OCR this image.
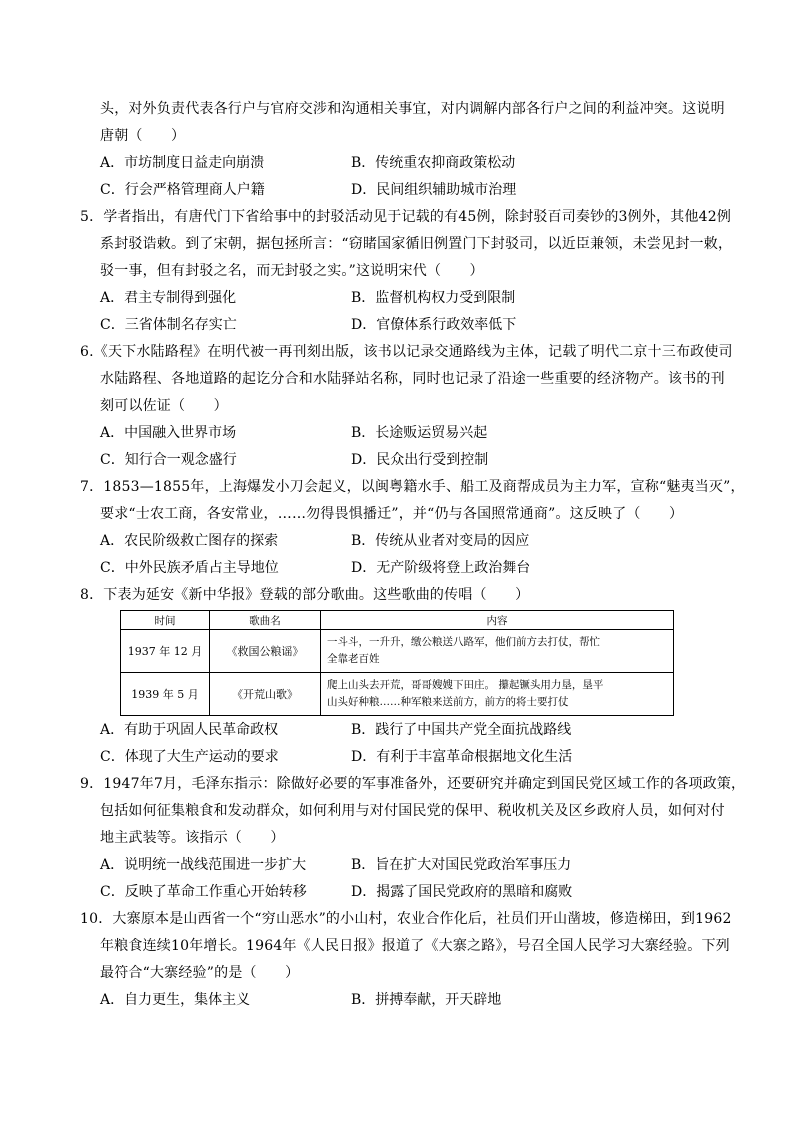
头，对外负责代表各行户与官府交涉和沟通相关事宜，对内调解内部各行户之间的利益冲突。这说明
唐朝（　　）
A．市坊制度日益走向崩溃	B．传统重农抑商政策松动
C．行会严格管理商人户籍	D．民间组织辅助城市治理
5．学者指出，有唐代门下省给事中的封驳活动见于记载的有45例，除封驳百司奏钞的3例外，其他42例
系封驳诰敕。到了宋朝，据包拯所言：“窃睹国家循旧例置门下封驳司，以近臣兼领，未尝见封一敕，
驳一事，但有封驳之名，而无封驳之实。”这说明宋代（　　）
A．君主专制得到强化	B．监督机构权力受到限制
C．三省体制名存实亡	D．官僚体系行政效率低下
6.《天下水陆路程》在明代被一再刊刻出版，该书以记录交通路线为主体，记载了明代二京十三布政使司
水陆路程、各地道路的起讫分合和水陆驿站名称，同时也记录了沿途一些重要的经济物产。该书的刊
刻可以佐证（　　）
A．中国融入世界市场	B．长途贩运贸易兴起
C．知行合一观念盛行	D．民众出行受到控制
7．1853—1855年，上海爆发小刀会起义，以闽粤籍水手、船工及商帮成员为主力军，宣称“魅夷当灭”，
要求“士农工商，各安常业，……勿得畏惧播迁”，并“仍与各国照常通商”。这反映了（　　）
A．农民阶级救亡图存的探索	B．传统从业者对变局的因应
C．中外民族矛盾占主导地位	D．无产阶级将登上政治舞台
8．下表为延安《新中华报》登载的部分歌曲。这些歌曲的传唱（　　）
时间	歌曲名	内容
1937 年 12 月	《救国公粮谣》	一斗斗，一升升，缴公粮送八路军，他们前方去打仗，帮忙
全靠老百姓

1939 年 5 月	《开荒山歌》	爬上山头去开荒，哥哥嫂嫂下田庄。 攥起镢头用力垦，垦平
山头好种粮……种军粮来送前方，前方的将士要打仗
A．有助于巩固人民革命政权	B．践行了中国共产党全面抗战路线
C．体现了大生产运动的要求	D．有利于丰富革命根据地文化生活
9．1947年7月，毛泽东指示：除做好必要的军事准备外，还要研究并确定到国民党区域工作的各项政策，
包括如何征集粮食和发动群众，如何利用与对付国民党的保甲、税收机关及区乡政府人员，如何对付
地主武装等。该指示（　　）
A．说明统一战线范围进一步扩大	B．旨在扩大对国民党政治军事压力
C．反映了革命工作重心开始转移	D．揭露了国民党政府的黑暗和腐败
10．大寨原本是山西省一个“穷山恶水”的小山村，农业合作化后，社员们开山凿坡，修造梯田，到1962
年粮食连续10年增长。1964年《人民日报》报道了《大寨之路》，号召全国人民学习大寨经验。下列
最符合“大寨经验”的是（　　）
A．自力更生，集体主义	B．拼搏奉献，开天辟地
